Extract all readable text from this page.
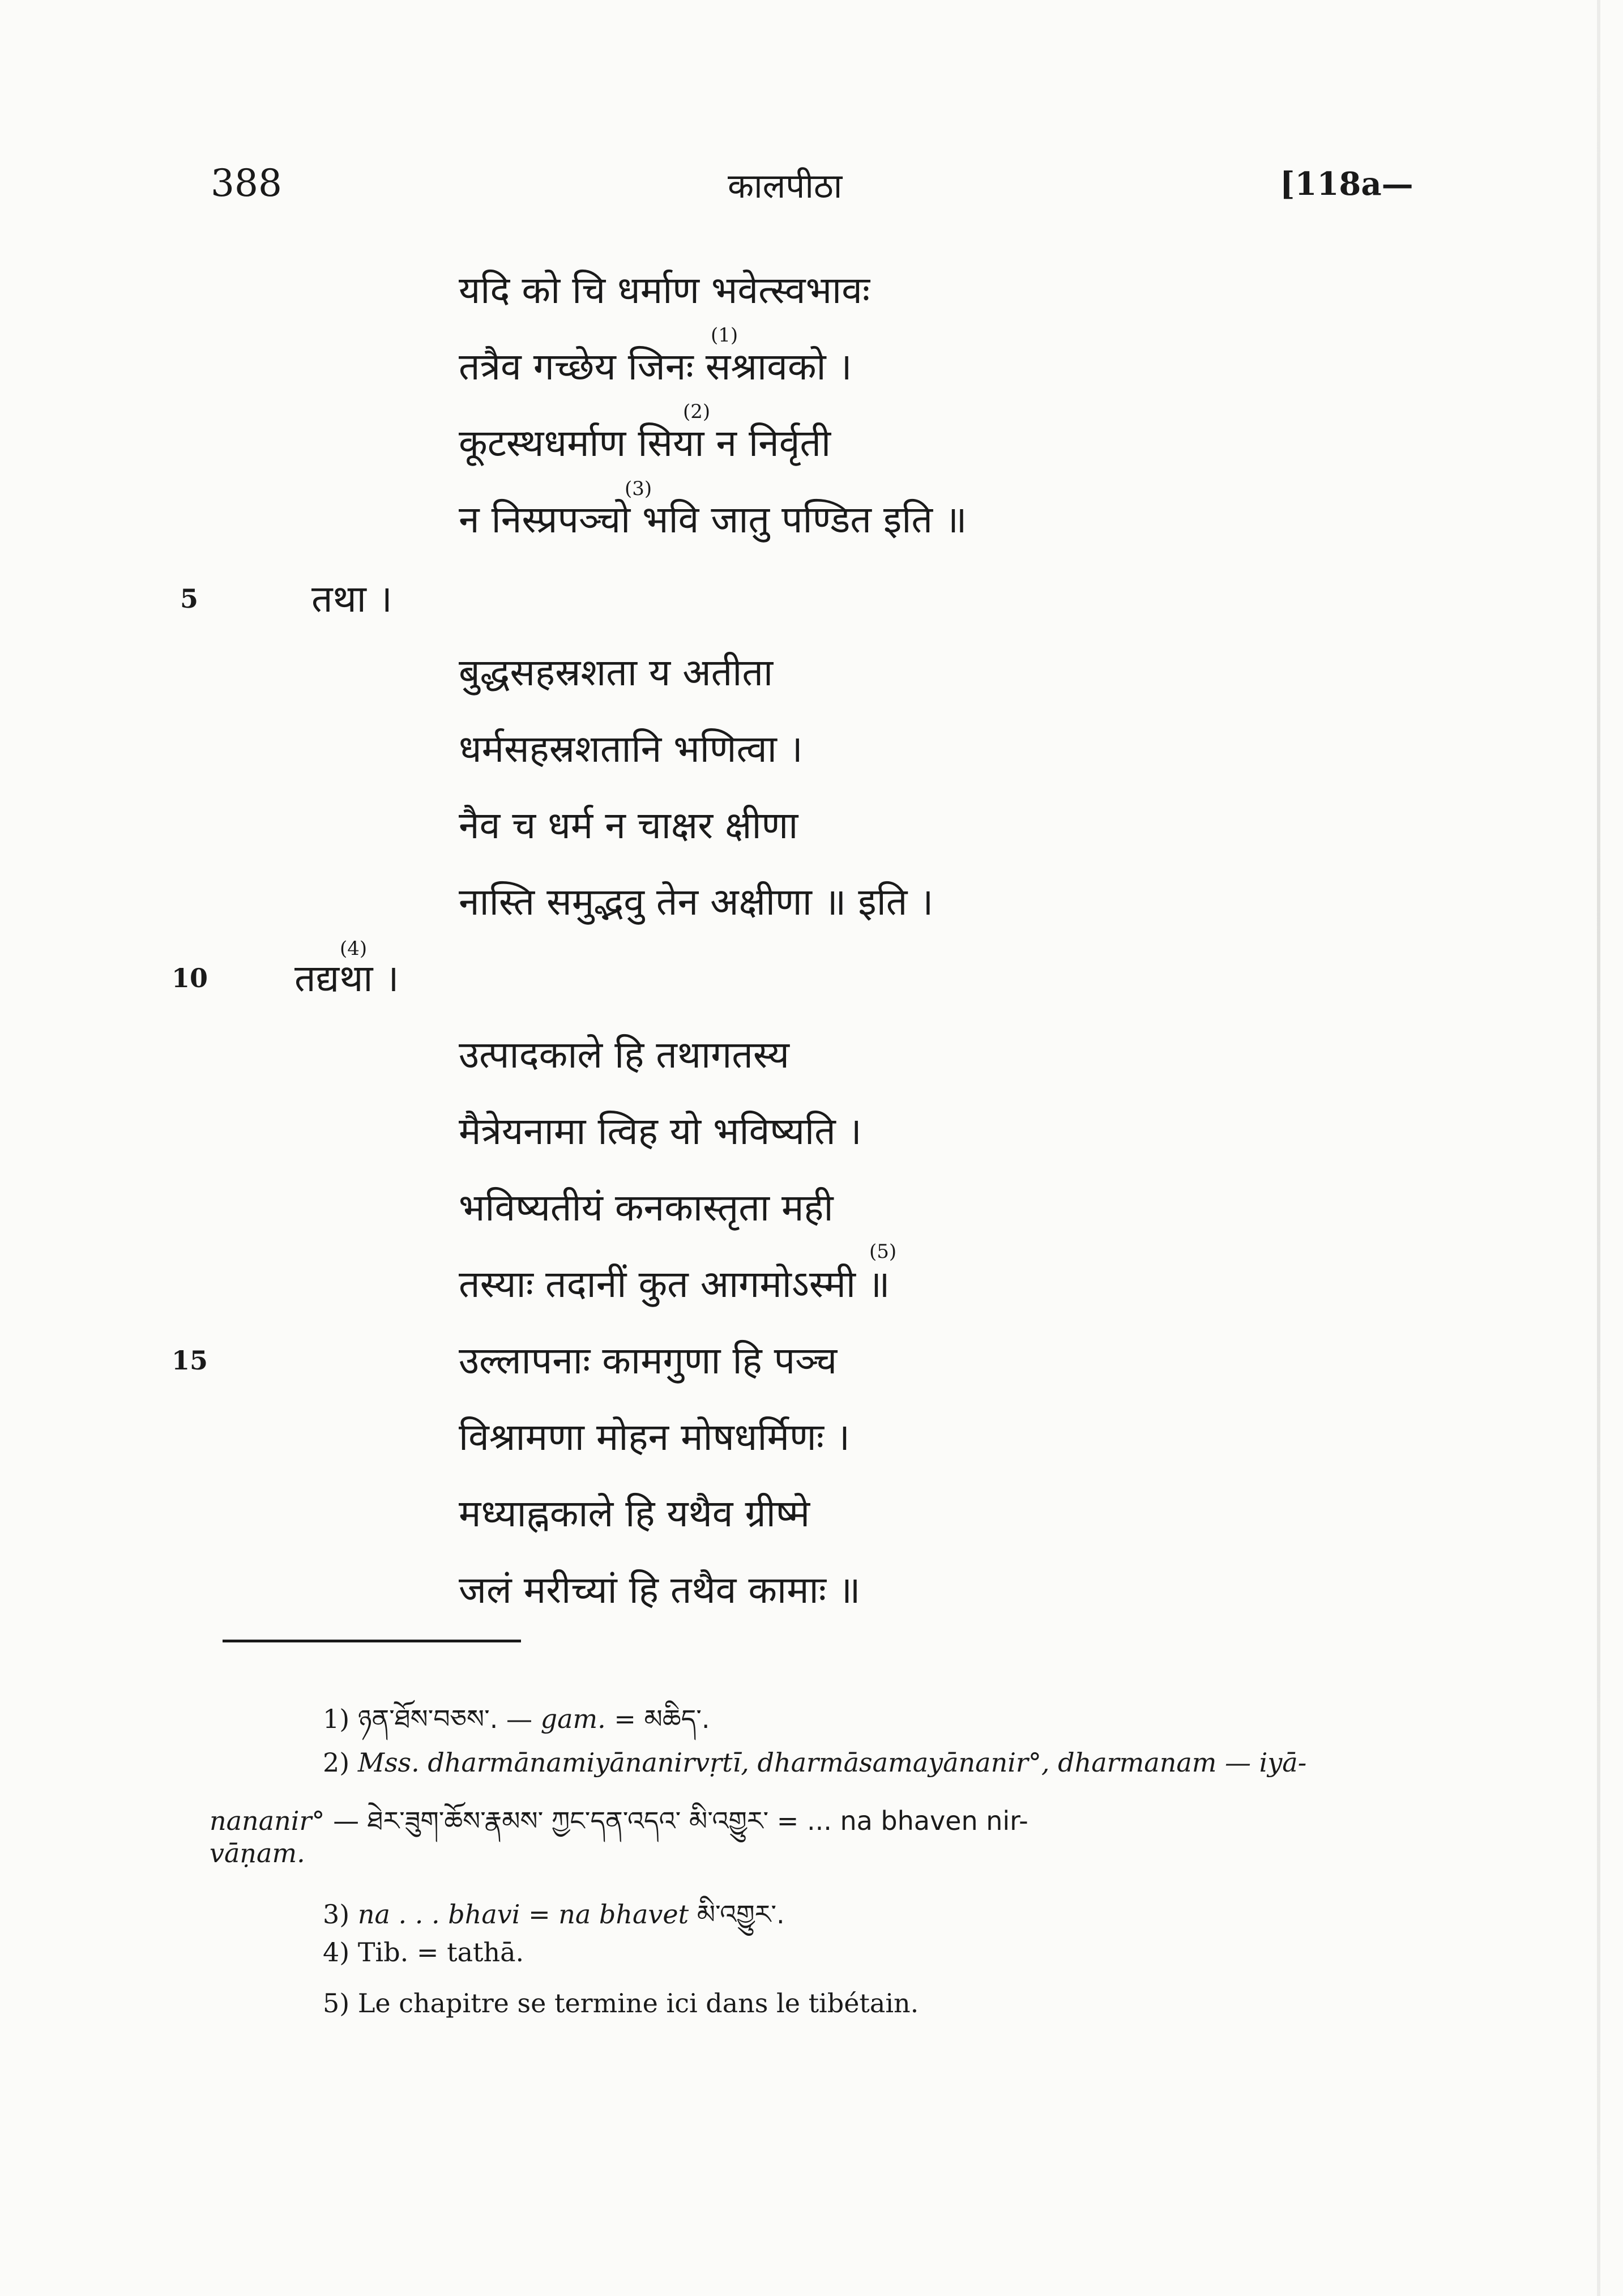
388	कालपीठा	[118a—
यदि को चि धर्माण भवेत्स्वभावः
तत्रैव गच्छेय जिनः सश्रावको ।
(1)
कूटस्थधर्माण सिया न निर्वृती
(2)
न निस्प्रपञ्चो भवि जातु पण्डित इति ॥
(3)
5	तथा ।
बुद्धसहस्रशता य अतीता
धर्मसहस्रशतानि भणित्वा ।
नैव च धर्म न चाक्षर क्षीणा
नास्ति समुद्भवु तेन अक्षीणा ॥ इति ।
10 तद्यथा ।
(4)
उत्पादकाले हि तथागतस्य
मैत्रेयनामा त्विह यो भविष्यति ।
भविष्यतीयं कनकास्तृता मही
तस्याः तदानीं कुत आगमोऽस्मी ॥
(5)
15	उल्लापनाः कामगुणा हि पञ्च
विश्रामणा मोहन मोषधर्मिणः ।
मध्याह्नकाले हि यथैव ग्रीष्मे
जलं मरीच्यां हि तथैव कामाः ॥
1) ཉན་ཐོས་བཅས་. — gam. = མཆིད་.
2) Mss. dharmānamiyānanirvṛtī, dharmāsamayānanir°, dharmanam — iyā-
nananir° — ཐེར་ཟུག་ཆོས་རྣམས་ ཀྱང་དན་འདའ་ མི་འགྱུར་ = ... na bhaven nir-
vāṇam.
3) na . . . bhavi = na bhavet མི་འགྱུར་.
4) Tib. = tathā.
5) Le chapitre se termine ici dans le tibétain.
